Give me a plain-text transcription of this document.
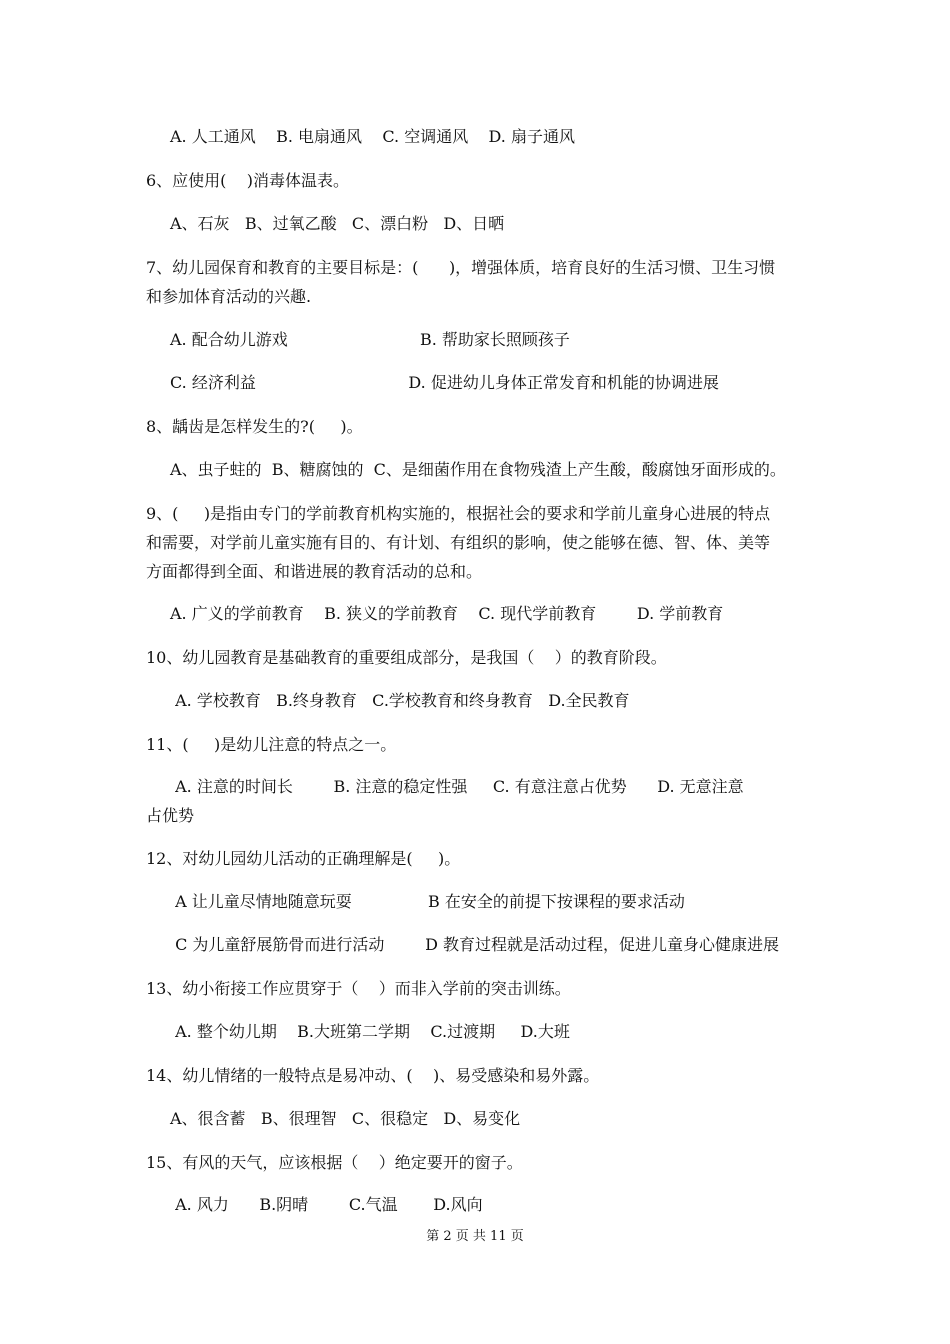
A. 人工通风    B. 电扇通风    C. 空调通风    D. 扇子通风
6、应使用(    )消毒体温表。
A、石灰   B、过氧乙酸   C、漂白粉   D、日晒
7、幼儿园保育和教育的主要目标是：(      )，增强体质，培育良好的生活习惯、卫生习惯
和参加体育活动的兴趣.
A. 配合幼儿游戏                          B. 帮助家长照顾孩子
C. 经济利益                              D. 促进幼儿身体正常发育和机能的协调进展
8、龋齿是怎样发生的?(     )。
A、虫子蛀的  B、糖腐蚀的  C、是细菌作用在食物残渣上产生酸，酸腐蚀牙面形成的。
9、(     )是指由专门的学前教育机构实施的，根据社会的要求和学前儿童身心进展的特点
和需要，对学前儿童实施有目的、有计划、有组织的影响，使之能够在德、智、体、美等
方面都得到全面、和谐进展的教育活动的总和。
A. 广义的学前教育    B. 狭义的学前教育    C. 现代学前教育        D. 学前教育
10、幼儿园教育是基础教育的重要组成部分，是我国（    ）的教育阶段。
A. 学校教育   B.终身教育   C.学校教育和终身教育   D.全民教育
11、(     )是幼儿注意的特点之一。
A. 注意的时间长        B. 注意的稳定性强     C. 有意注意占优势      D. 无意注意
占优势
12、对幼儿园幼儿活动的正确理解是(     )。
A 让儿童尽情地随意玩耍               B 在安全的前提下按课程的要求活动
C 为儿童舒展筋骨而进行活动        D 教育过程就是活动过程，促进儿童身心健康进展
13、幼小衔接工作应贯穿于（    ）而非入学前的突击训练。
A. 整个幼儿期    B.大班第二学期    C.过渡期     D.大班
14、幼儿情绪的一般特点是易冲动、(    )、易受感染和易外露。
A、很含蓄   B、很理智   C、很稳定   D、易变化
15、有风的天气，应该根据（    ）绝定要开的窗子。
A. 风力      B.阴晴        C.气温       D.风向
第 2 页 共 11 页
